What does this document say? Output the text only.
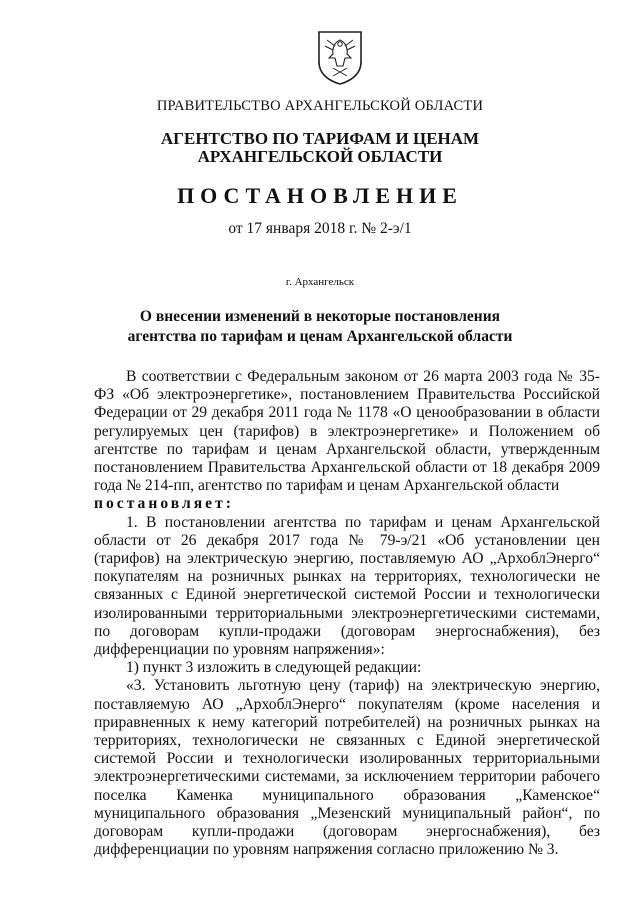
ПРАВИТЕЛЬСТВО АРХАНГЕЛЬСКОЙ ОБЛАСТИ
АГЕНТСТВО ПО ТАРИФАМ И ЦЕНАМ
АРХАНГЕЛЬСКОЙ ОБЛАСТИ
ПОСТАНОВЛЕНИЕ
от 17 января 2018 г. № 2-э/1
г. Архангельск
О внесении изменений в некоторые постановления
агентства по тарифам и ценам Архангельской области

В соответствии с Федеральным законом от 26 марта 2003 года № 35-ФЗ «Об электроэнергетике», постановлением Правительства Российской Федерации от 29 декабря 2011 года № 1178 «О ценообразовании в области регулируемых цен (тарифов) в электроэнергетике» и Положением об агентстве по тарифам и ценам Архангельской области, утвержденным постановлением Правительства Архангельской области от 18 декабря 2009 года № 214-пп, агентство по тарифам и ценам Архангельской области

постановляет:

1. В постановлении агентства по тарифам и ценам Архангельской области от 26 декабря 2017 года № 79-э/21 «Об установлении цен (тарифов) на электрическую энергию, поставляемую АО „АрхоблЭнерго“ покупателям на розничных рынках на территориях, технологически не связанных с Единой энергетической системой России и технологически изолированными территориальными электроэнергетическими системами, по договорам купли-продажи (договорам энергоснабжения), без дифференциации по уровням напряжения»:

1) пункт 3 изложить в следующей редакции:

«3. Установить льготную цену (тариф) на электрическую энергию, поставляемую АО „АрхоблЭнерго“ покупателям (кроме населения и приравненных к нему категорий потребителей) на розничных рынках на территориях, технологически не связанных с Единой энергетической системой России и технологически изолированных территориальными электроэнергетическими системами, за исключением территории рабочего поселка Каменка муниципального образования „Каменское“ муниципального образования „Мезенский муниципальный район“, по договорам купли-продажи (договорам энергоснабжения), без дифференциации по уровням напряжения согласно приложению № 3.
